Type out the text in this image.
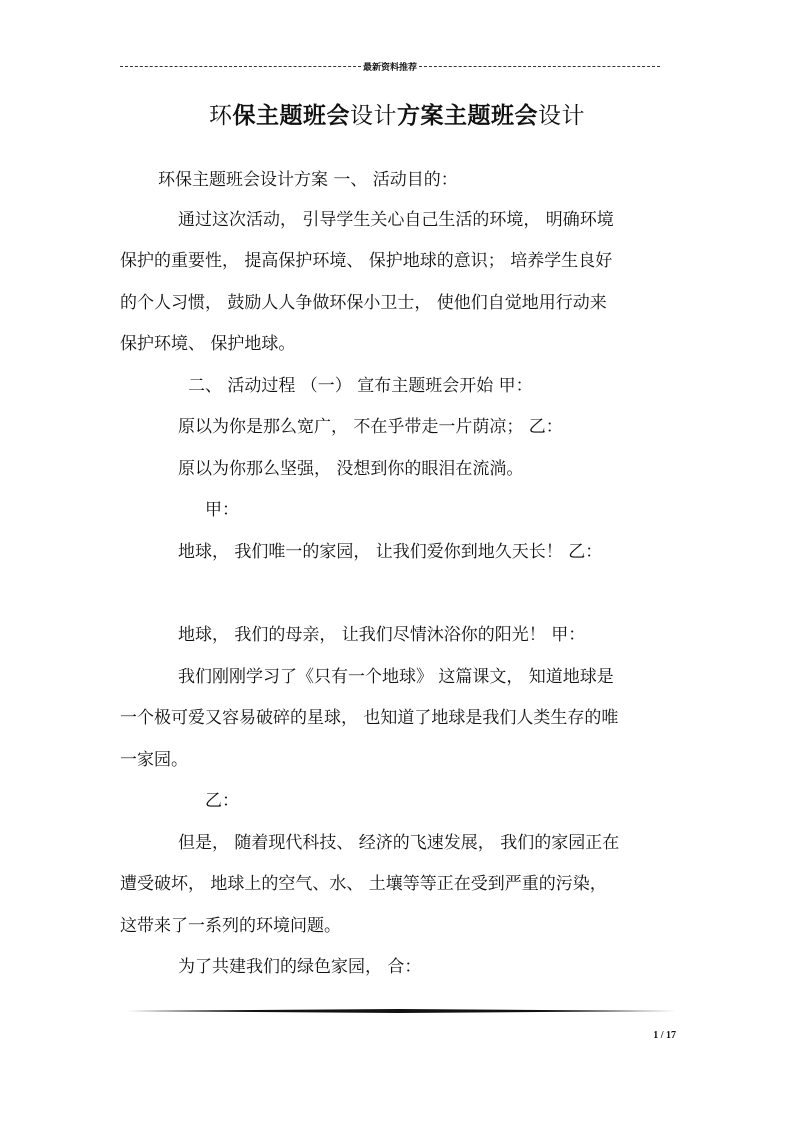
最新资料推荐
环保主题班会设计方案主题班会设计
环保主题班会设计方案 一、 活动目的：
通过这次活动， 引导学生关心自己生活的环境， 明确环境
保护的重要性， 提高保护环境、 保护地球的意识； 培养学生良好
的个人习惯， 鼓励人人争做环保小卫士， 使他们自觉地用行动来
保护环境、 保护地球。
二、 活动过程 （一） 宣布主题班会开始 甲：
原以为你是那么宽广， 不在乎带走一片荫凉； 乙：
原以为你那么坚强， 没想到你的眼泪在流淌。
甲：
地球， 我们唯一的家园， 让我们爱你到地久天长！ 乙：
地球， 我们的母亲， 让我们尽情沐浴你的阳光！ 甲：
我们刚刚学习了《只有一个地球》 这篇课文， 知道地球是
一个极可爱又容易破碎的星球， 也知道了地球是我们人类生存的唯
一家园。
乙：
但是， 随着现代科技、 经济的飞速发展， 我们的家园正在
遭受破坏， 地球上的空气、水、 土壤等等正在受到严重的污染，
这带来了一系列的环境问题。
为了共建我们的绿色家园， 合：
1 / 17
